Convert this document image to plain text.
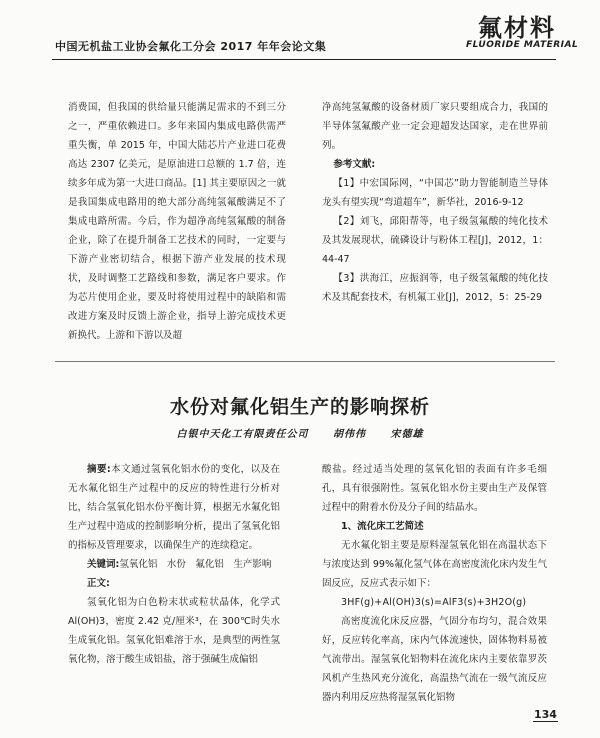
中国无机盐工业协会氟化工分会 2017 年年会论文集
氟材料
FLUORIDE MATERIAL

消费国，但我国的供给量只能满足需求的不到三分之一，严重依赖进口。多年来国内集成电路供需严重失衡，单 2015 年，中国大陆芯片产业进口花费高达 2307 亿美元，是原油进口总额的 1.7 倍，连续多年成为第一大进口商品。[1] 其主要原因之一就是我国集成电路用的绝大部分高纯氢氟酸满足不了集成电路所需。今后，作为超净高纯氢氟酸的制备企业，除了在提升制备工艺技术的同时，一定要与下游产业密切结合，根据下游产业发展的技术现状，及时调整工艺路线和参数，满足客户要求。作为芯片使用企业，要及时将使用过程中的缺陷和需改进方案及时反馈上游企业，指导上游完成技术更新换代。上游和下游以及超

净高纯氢氟酸的设备材质厂家只要组成合力，我国的半导体氢氟酸产业一定会迎超发达国家，走在世界前列。

参考文献:

【1】中宏国际网，“中国芯”助力智能制造兰导体龙头有望实现“弯道超车”，新华社，2016-9-12

【2】刘飞，邱阳帮等，电子级氢氟酸的纯化技术及其发展现状，硫磷设计与粉体工程[J]，2012，1：44-47

【3】洪海江，应振润等，电子级氢氟酸的纯化技术及其配套技术，有机氟工业[J]，2012，5：25-29

水份对氟化铝生产的影响探析
白银中天化工有限责任公司 胡伟伟 宋德雄

摘要:本文通过氢氧化铝水份的变化，以及在无水氟化铝生产过程中的反应的特性进行分析对比，结合氢氧化铝水份平衡计算，根据无水氟化铝生产过程中造成的控制影响分析，提出了氢氧化铝的指标及管理要求，以确保生产的连续稳定。

关键词:氢氧化铝　水份　氟化铝　生产影响

正文:

氢氧化铝为白色粉末状或粒状晶体，化学式 Al(OH)3，密度 2.42 克/厘米³，在 300℃时失水生成氧化铝。氢氧化铝难溶于水，是典型的两性氢氧化物，溶于酸生成铝盐，溶于强碱生成偏铝

酸盐。经过适当处理的氢氧化铝的表面有许多毛细孔，具有很强附性。氢氧化铝水份主要由生产及保管过程中的附着水份及分子间的结晶水。

1、流化床工艺简述

无水氟化铝主要是原料湿氢氧化铝在高温状态下与浓度达到 99%氟化氢气体在高密度流化床内发生气固反应，反应式表示如下：

3HF(g)+Al(OH)3(s)=AlF3(s)+3H2O(g)

高密度流化床反应器，气固分布均匀，混合效果好，反应转化率高，床内气体流速快，固体物料易被气流带出。湿氢氧化铝物料在流化床内主要依靠罗茨风机产生热风充分流化，高温热气流在一级气流反应器内利用反应热将湿氢氧化铝物

134
